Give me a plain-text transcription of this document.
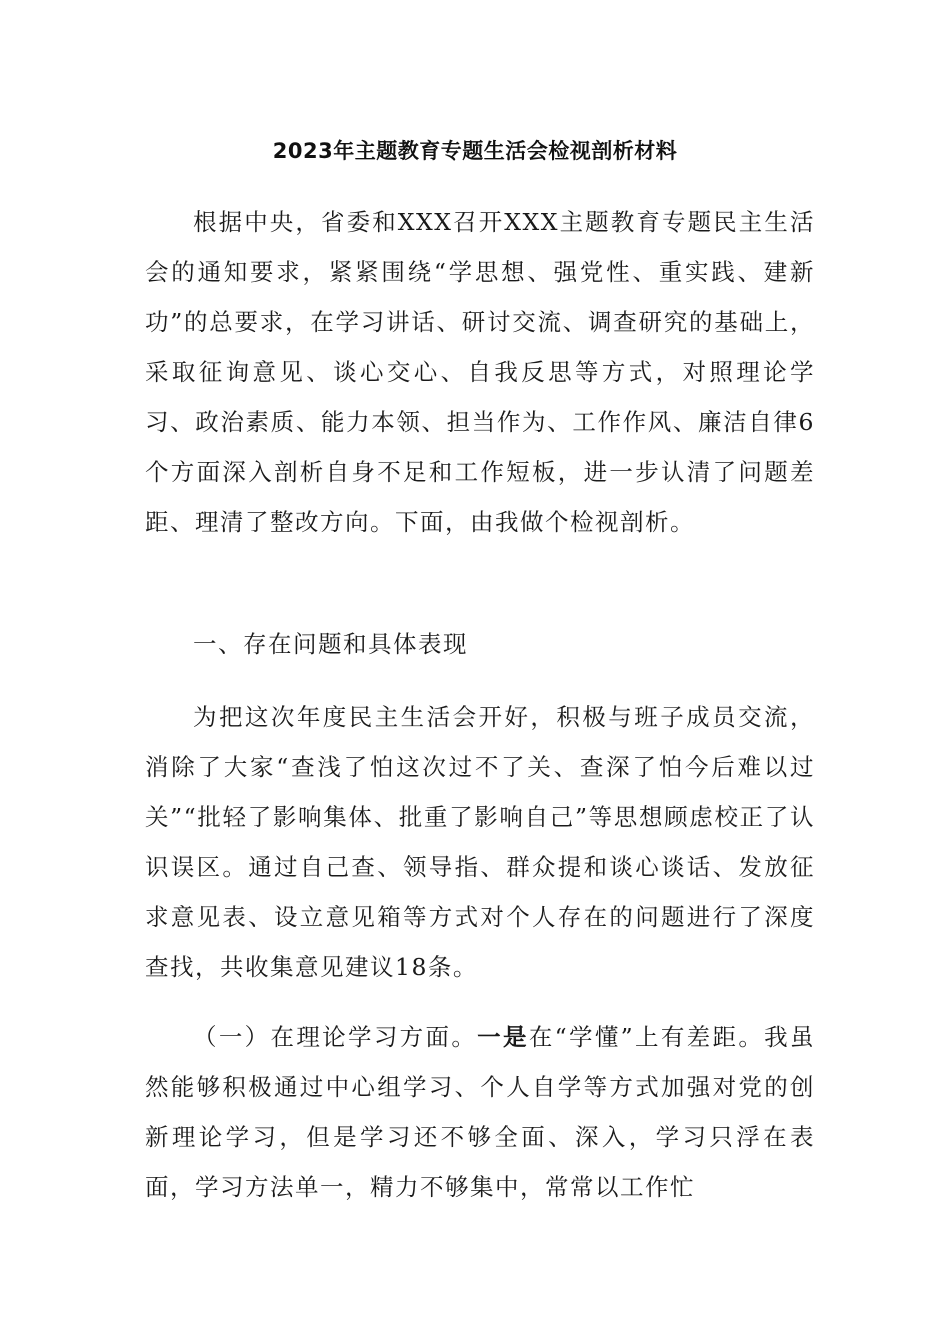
2023年主题教育专题生活会检视剖析材料

根据中央，省委和XXX召开XXX主题教育专题民主生活会的通知要求，紧紧围绕“学思想、强党性、重实践、建新功”的总要求，在学习讲话、研讨交流、调查研究的基础上，采取征询意见、谈心交心、自我反思等方式，对照理论学习、政治素质、能力本领、担当作为、工作作风、廉洁自律6个方面深入剖析自身不足和工作短板，进一步认清了问题差距、理清了整改方向。下面，由我做个检视剖析。

一、存在问题和具体表现

为把这次年度民主生活会开好，积极与班子成员交流，消除了大家“查浅了怕这次过不了关、查深了怕今后难以过关”“批轻了影响集体、批重了影响自己”等思想顾虑校正了认识误区。通过自己查、领导指、群众提和谈心谈话、发放征求意见表、设立意见箱等方式对个人存在的问题进行了深度查找，共收集意见建议18条。

（一）在理论学习方面。一是在“学懂”上有差距。我虽然能够积极通过中心组学习、个人自学等方式加强对党的创新理论学习，但是学习还不够全面、深入，学习只浮在表面，学习方法单一，精力不够集中，常常以工作忙
